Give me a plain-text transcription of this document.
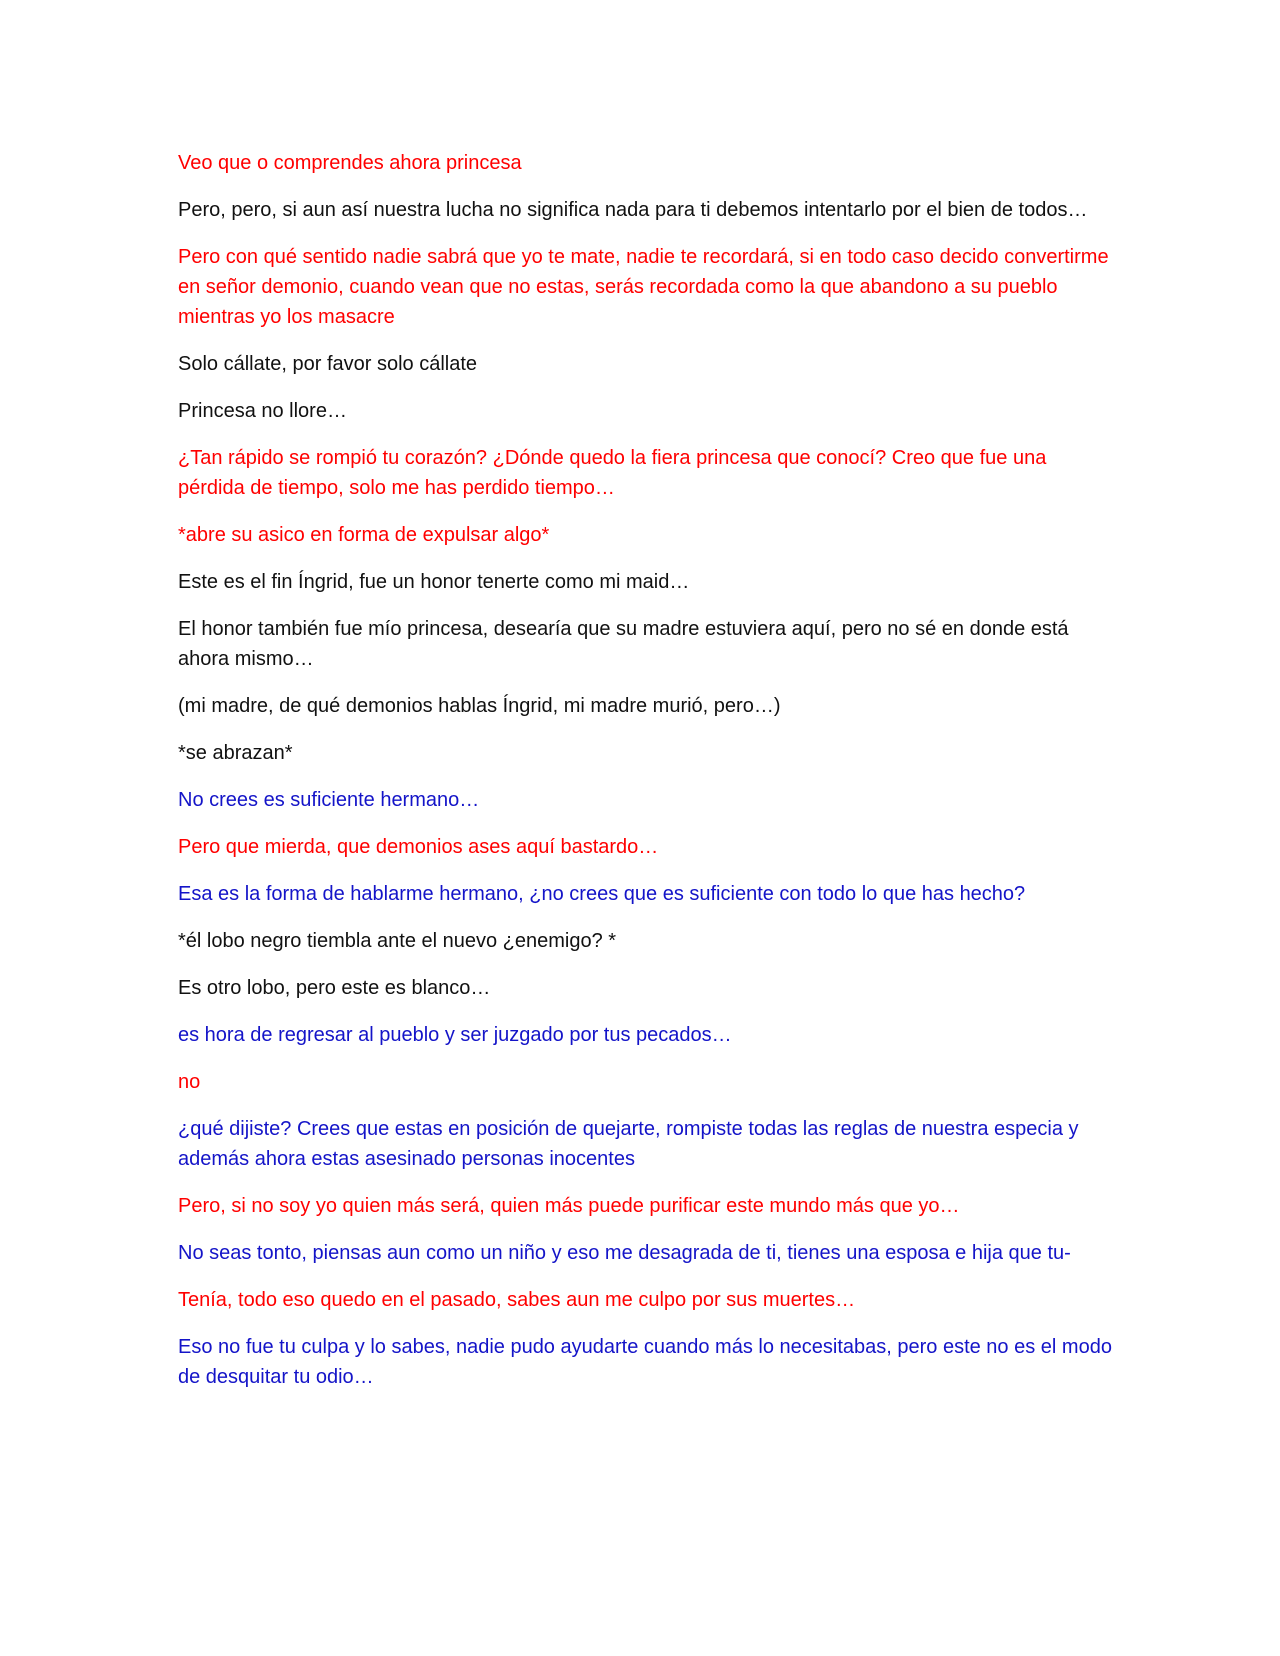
Veo que o comprendes ahora princesa

Pero, pero, si aun así nuestra lucha no significa nada para ti debemos intentarlo por el bien de todos…

Pero con qué sentido nadie sabrá que yo te mate, nadie te recordará, si en todo caso decido convertirme en señor demonio, cuando vean que no estas, serás recordada como la que abandono a su pueblo mientras yo los masacre

Solo cállate, por favor solo cállate

Princesa no llore…

¿Tan rápido se rompió tu corazón? ¿Dónde quedo la fiera princesa que conocí? Creo que fue una pérdida de tiempo, solo me has perdido tiempo…

*abre su asico en forma de expulsar algo*

Este es el fin Íngrid, fue un honor tenerte como mi maid…

El honor también fue mío princesa, desearía que su madre estuviera aquí, pero no sé en donde está ahora mismo…

(mi madre, de qué demonios hablas Íngrid, mi madre murió, pero…)

*se abrazan*

No crees es suficiente hermano…

Pero que mierda, que demonios ases aquí bastardo…

Esa es la forma de hablarme hermano, ¿no crees que es suficiente con todo lo que has hecho?

*él lobo negro tiembla ante el nuevo ¿enemigo? *

Es otro lobo, pero este es blanco…

es hora de regresar al pueblo y ser juzgado por tus pecados…

no

¿qué dijiste? Crees que estas en posición de quejarte, rompiste todas las reglas de nuestra especia y además ahora estas asesinado personas inocentes

Pero, si no soy yo quien más será, quien más puede purificar este mundo más que yo…

No seas tonto, piensas aun como un niño y eso me desagrada de ti, tienes una esposa e hija que tu-

Tenía, todo eso quedo en el pasado, sabes aun me culpo por sus muertes…

Eso no fue tu culpa y lo sabes, nadie pudo ayudarte cuando más lo necesitabas, pero este no es el modo de desquitar tu odio…
